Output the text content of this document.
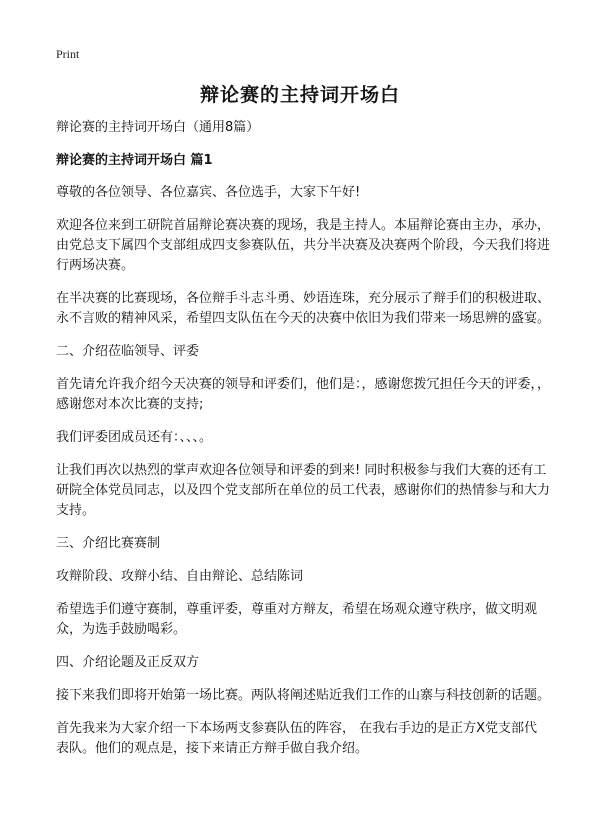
Print
辩论赛的主持词开场白

辩论赛的主持词开场白（通用8篇）

辩论赛的主持词开场白 篇1

尊敬的各位领导、各位嘉宾、各位选手，大家下午好!

欢迎各位来到工研院首届辩论赛决赛的现场，我是主持人。本届辩论赛由主办，承办，由党总支下属四个支部组成四支参赛队伍，共分半决赛及决赛两个阶段，今天我们将进行两场决赛。

在半决赛的比赛现场，各位辩手斗志斗勇、妙语连珠，充分展示了辩手们的积极进取、永不言败的精神风采，希望四支队伍在今天的决赛中依旧为我们带来一场思辨的盛宴。

二、介绍莅临领导、评委

首先请允许我介绍今天决赛的领导和评委们，他们是：，感谢您拨冗担任今天的评委，，感谢您对本次比赛的支持;

我们评委团成员还有：、、、。

让我们再次以热烈的掌声欢迎各位领导和评委的到来! 同时积极参与我们大赛的还有工研院全体党员同志，以及四个党支部所在单位的员工代表，感谢你们的热情参与和大力支持。

三、介绍比赛赛制

攻辩阶段、攻辩小结、自由辩论、总结陈词

希望选手们遵守赛制，尊重评委，尊重对方辩友，希望在场观众遵守秩序，做文明观众，为选手鼓励喝彩。

四、介绍论题及正反双方

接下来我们即将开始第一场比赛。两队将阐述贴近我们工作的山寨与科技创新的话题。

首先我来为大家介绍一下本场两支参赛队伍的阵容， 在我右手边的是正方X党支部代表队。他们的观点是，接下来请正方辩手做自我介绍。
